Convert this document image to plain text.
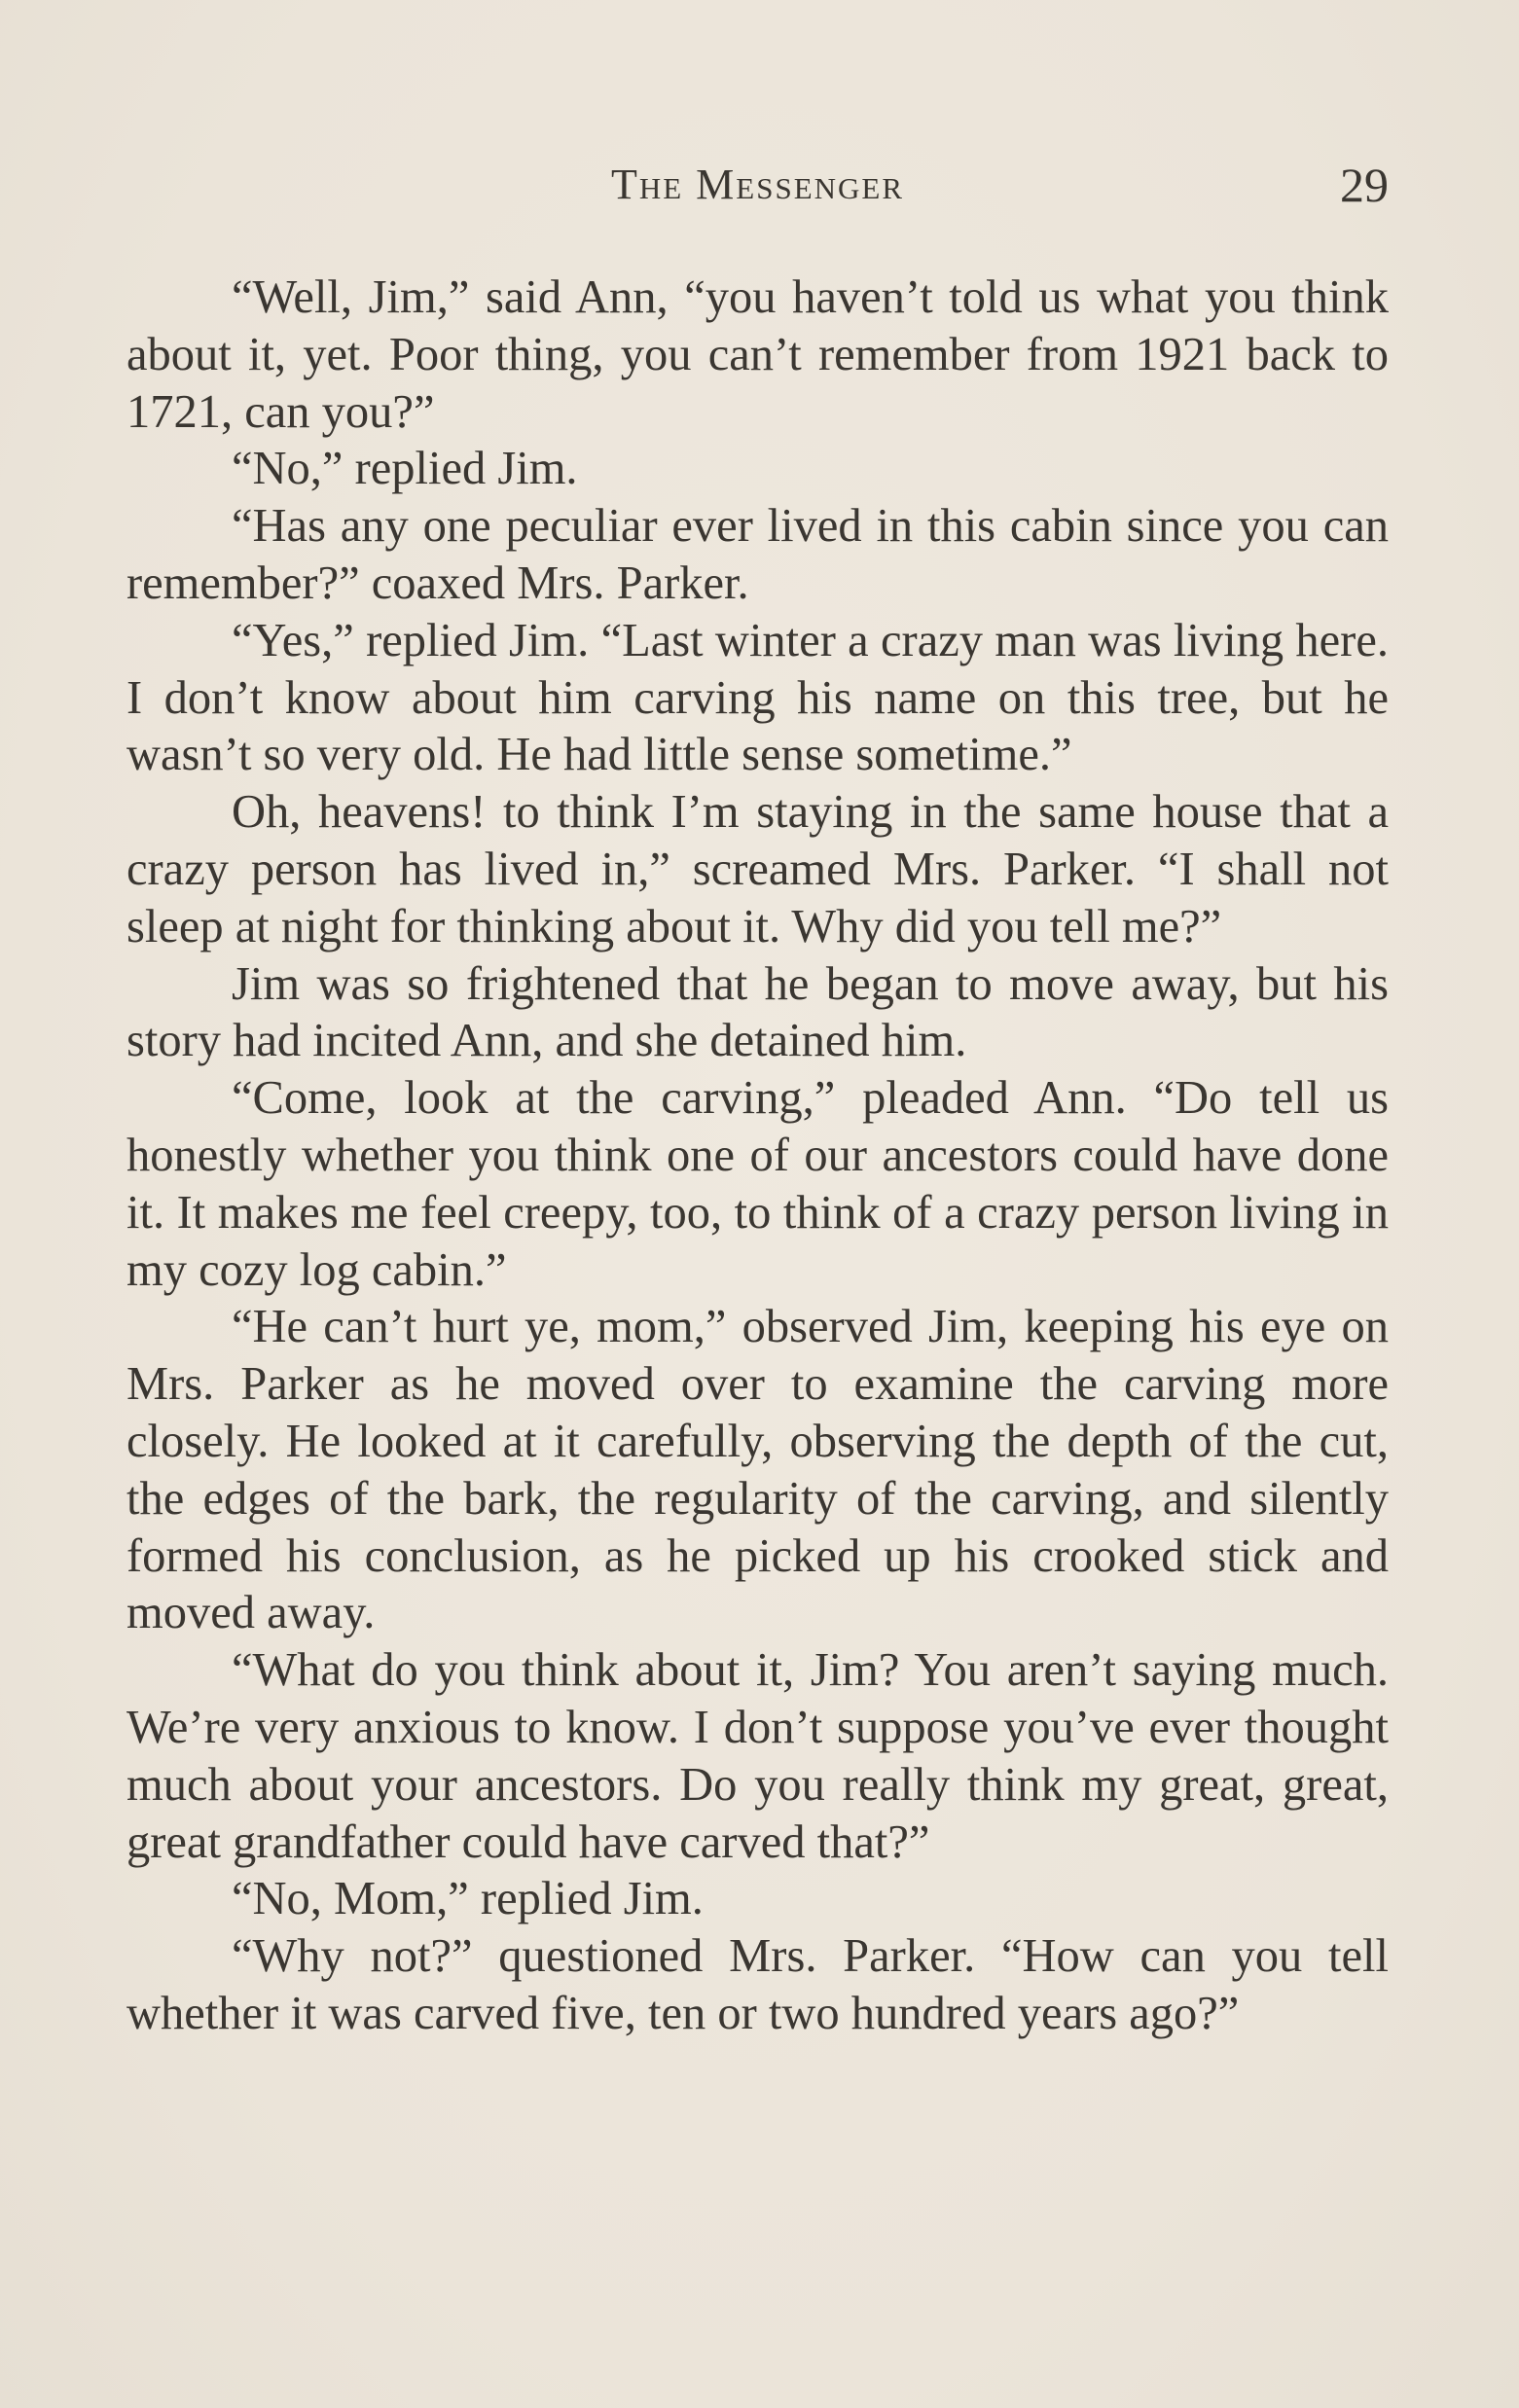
The Messenger	29

“Well, Jim,” said Ann, “you haven’t told us what you think about it, yet. Poor thing, you can’t remember from 1921 back to 1721, can you?”

“No,” replied Jim.

“Has any one peculiar ever lived in this cabin since you can remember?” coaxed Mrs. Parker.

“Yes,” replied Jim. “Last winter a crazy man was living here. I don’t know about him carving his name on this tree, but he wasn’t so very old. He had little sense sometime.”

Oh, heavens! to think I’m staying in the same house that a crazy person has lived in,” screamed Mrs. Parker. “I shall not sleep at night for thinking about it. Why did you tell me?”

Jim was so frightened that he began to move away, but his story had incited Ann, and she detained him.

“Come, look at the carving,” pleaded Ann. “Do tell us honestly whether you think one of our ancestors could have done it. It makes me feel creepy, too, to think of a crazy person living in my cozy log cabin.”

“He can’t hurt ye, mom,” observed Jim, keeping his eye on Mrs. Parker as he moved over to examine the carving more closely. He looked at it carefully, observing the depth of the cut, the edges of the bark, the regularity of the carving, and silently formed his conclusion, as he picked up his crooked stick and moved away.

“What do you think about it, Jim? You aren’t saying much. We’re very anxious to know. I don’t suppose you’ve ever thought much about your ancestors. Do you really think my great, great, great grandfather could have carved that?”

“No, Mom,” replied Jim.

“Why not?” questioned Mrs. Parker. “How can you tell whether it was carved five, ten or two hundred years ago?”
